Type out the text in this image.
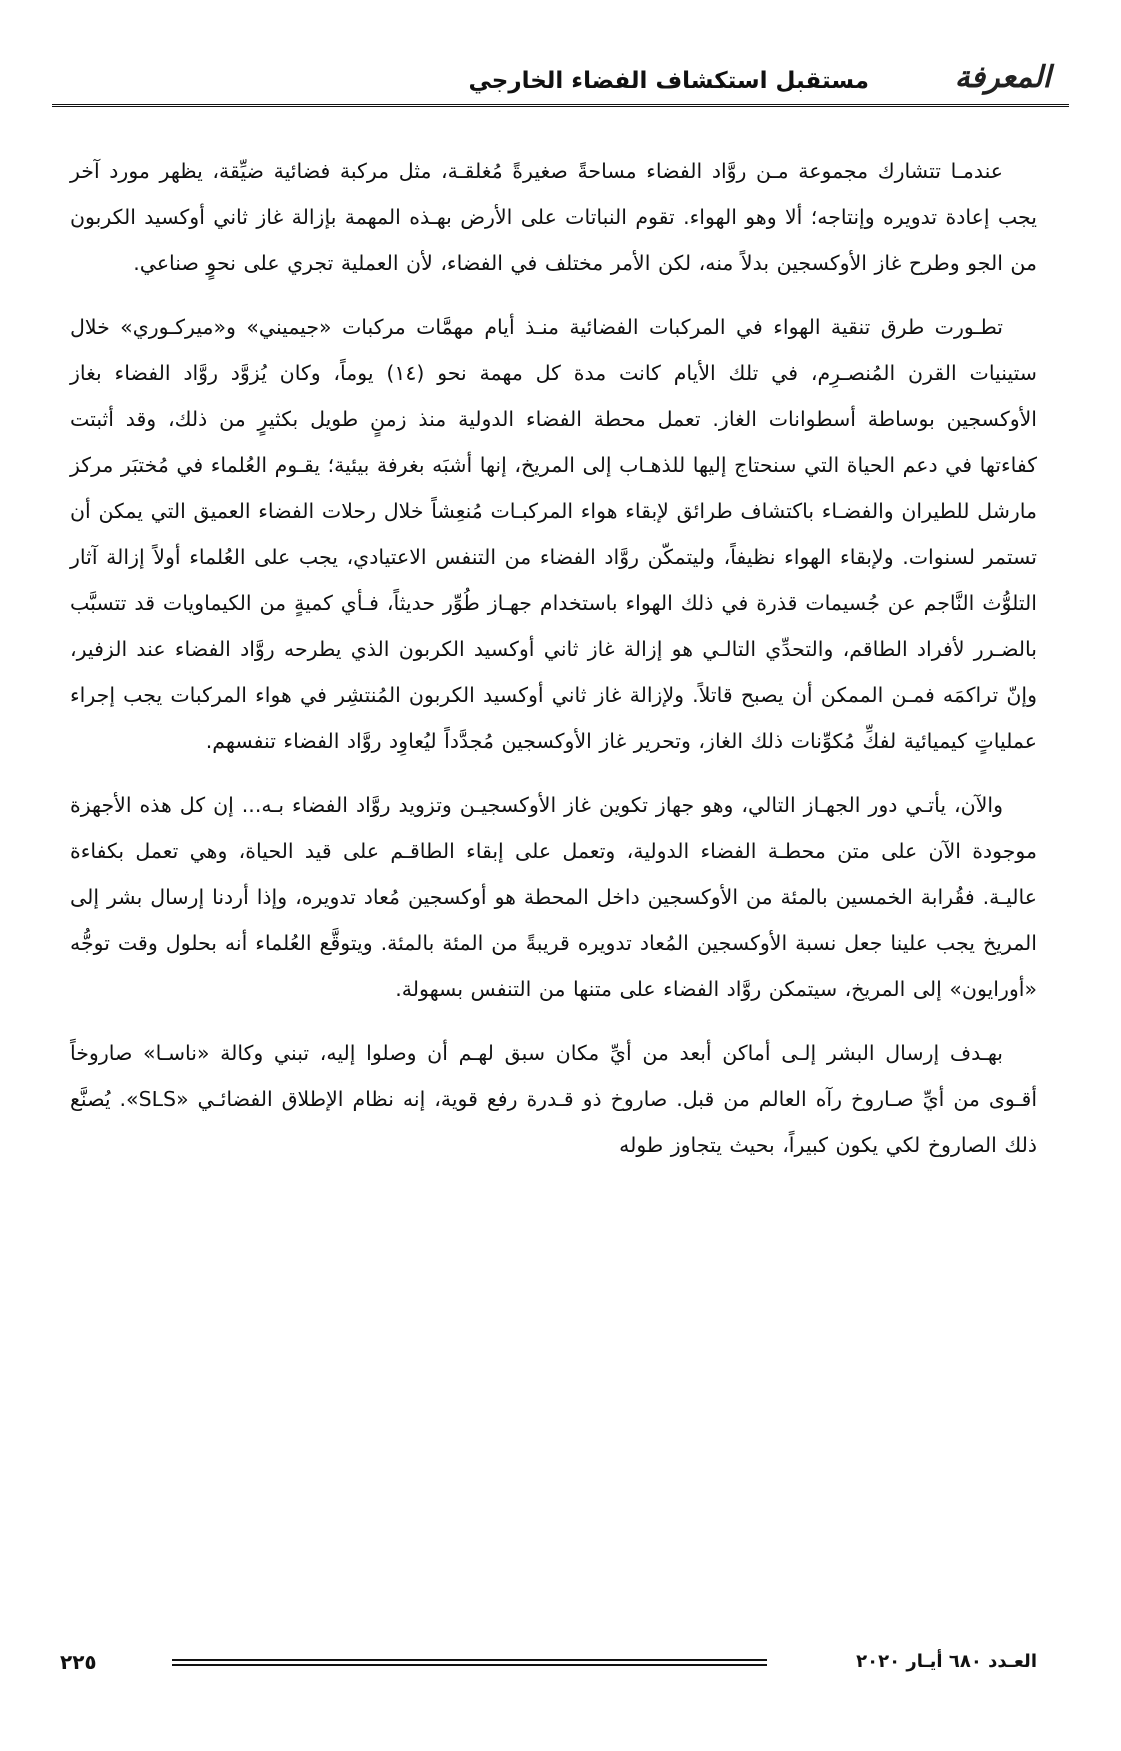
المعرفة
مستقبل استكشاف الفضاء الخارجي

عندمـا تتشارك مجموعة مـن روَّاد الفضاء مساحةً صغيرةً مُغلقـة، مثل مركبة فضائية ضيِّقة، يظهر مورد آخر يجب إعادة تدويره وإنتاجه؛ ألا وهو الهواء. تقوم النباتات على الأرض بهـذه المهمة بإزالة غاز ثاني أوكسيد الكربون من الجو وطرح غاز الأوكسجين بدلاً منه، لكن الأمر مختلف في الفضاء، لأن العملية تجري على نحوٍ صناعي.

تطـورت طرق تنقية الهواء في المركبات الفضائية منـذ أيام مهمَّات مركبات «جيميني» و«ميركـوري» خلال ستينيات القرن المُنصـرِم، في تلك الأيام كانت مدة كل مهمة نحو (١٤) يوماً، وكان يُزوَّد روَّاد الفضاء بغاز الأوكسجين بوساطة أسطوانات الغاز. تعمل محطة الفضاء الدولية منذ زمنٍ طويل بكثيرٍ من ذلك، وقد أثبتت كفاءتها في دعم الحياة التي سنحتاج إليها للذهـاب إلى المريخ، إنها أشبَه بغرفة بيئية؛ يقـوم العُلماء في مُختبَر مركز مارشل للطيران والفضـاء باكتشاف طرائق لإبقاء هواء المركبـات مُنعِشاً خلال رحلات الفضاء العميق التي يمكن أن تستمر لسنوات. ولإبقاء الهواء نظيفاً، وليتمكّن روَّاد الفضاء من التنفس الاعتيادي، يجب على العُلماء أولاً إزالة آثار التلوُّث النَّاجم عن جُسيمات قذرة في ذلك الهواء باستخدام جهـاز طُوِّر حديثاً، فـأي كميةٍ من الكيماويات قد تتسبَّب بالضـرر لأفراد الطاقم، والتحدِّي التالـي هو إزالة غاز ثاني أوكسيد الكربون الذي يطرحه روَّاد الفضاء عند الزفير، وإنّ تراكمَه فمـن الممكن أن يصبح قاتلاً. ولإزالة غاز ثاني أوكسيد الكربون المُنتشِر في هواء المركبات يجب إجراء عملياتٍ كيميائية لفكِّ مُكوِّنات ذلك الغاز، وتحرير غاز الأوكسجين مُجدَّداً ليُعاوِد روَّاد الفضاء تنفسهم.

والآن، يأتـي دور الجهـاز التالي، وهو جهاز تكوين غاز الأوكسجيـن وتزويد روَّاد الفضاء بـه... إن كل هذه الأجهزة موجودة الآن على متن محطـة الفضاء الدولية، وتعمل على إبقاء الطاقـم على قيد الحياة، وهي تعمل بكفاءة عاليـة. فقُرابة الخمسين بالمئة من الأوكسجين داخل المحطة هو أوكسجين مُعاد تدويره، وإذا أردنا إرسال بشر إلى المريخ يجب علينا جعل نسبة الأوكسجين المُعاد تدويره قريبةً من المئة بالمئة. ويتوقَّع العُلماء أنه بحلول وقت توجُّه «أورايون» إلى المريخ، سيتمكن روَّاد الفضاء على متنها من التنفس بسهولة.

بهـدف إرسال البشر إلـى أماكن أبعد من أيِّ مكان سبق لهـم أن وصلوا إليه، تبني وكالة «ناسـا» صاروخاً أقـوى من أيِّ صـاروخ رآه العالم من قبل. صاروخ ذو قـدرة رفع قوية، إنه نظام الإطلاق الفضائـي «SLS». يُصنَّع ذلك الصاروخ لكي يكون كبيراً، بحيث يتجاوز طوله

العـدد ٦٨٠ أيـار ٢٠٢٠
٢٢٥
